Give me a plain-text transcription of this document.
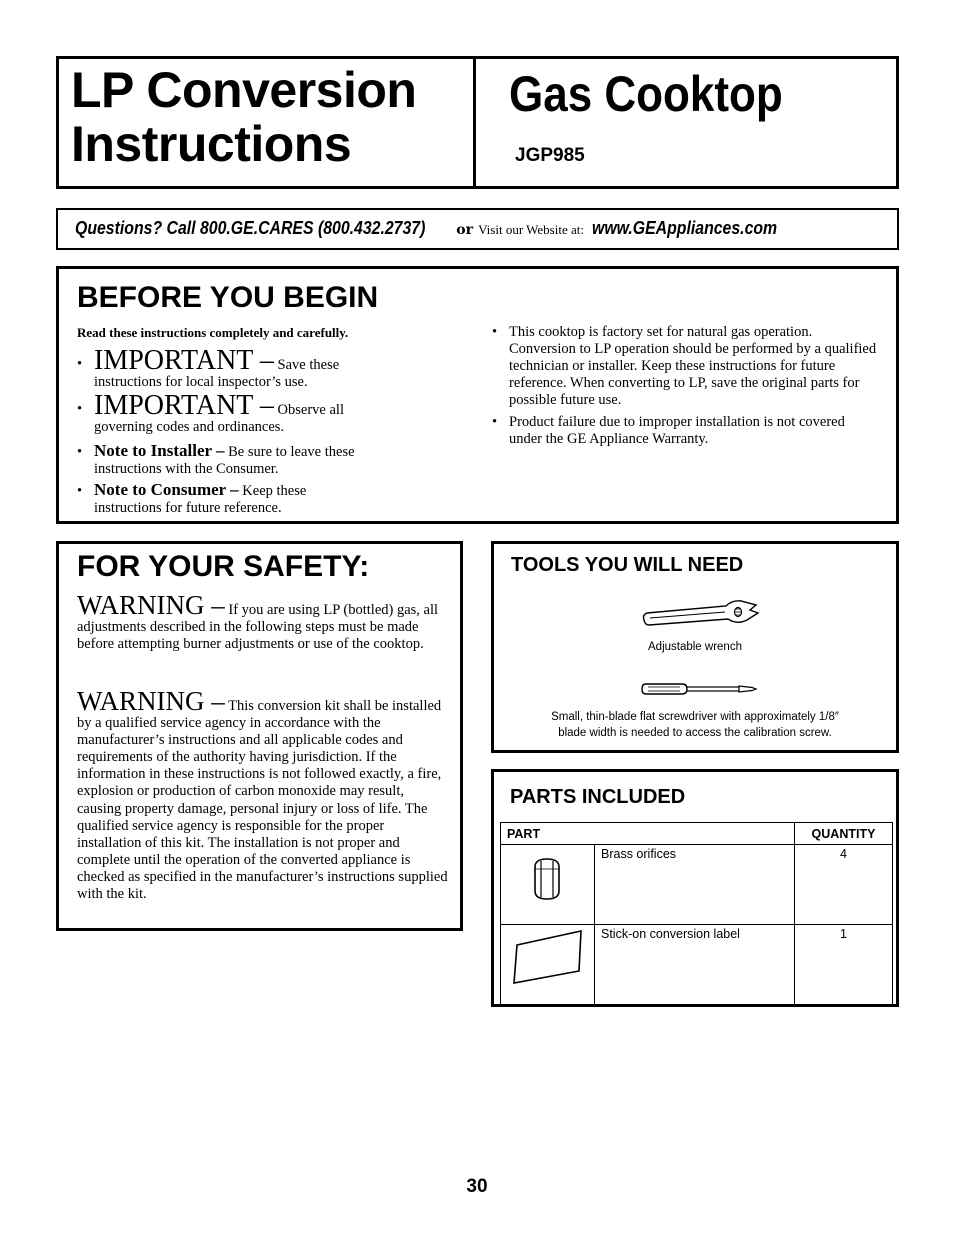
LP Conversion
Instructions
Gas Cooktop
JGP985
Questions? Call 800.GE.CARES (800.432.2737) or Visit our Website at: www.GEAppliances.com
BEFORE YOU BEGIN
Read these instructions completely and carefully.
• IMPORTANT – Save these
instructions for local inspector’s use.
• IMPORTANT – Observe all
governing codes and ordinances.
• Note to Installer – Be sure to leave these
instructions with the Consumer.
• Note to Consumer – Keep these
instructions for future reference.
• This cooktop is factory set for natural gas operation. Conversion to LP operation should be performed by a qualified technician or installer. Keep these instructions for future reference. When converting to LP, save the original parts for possible future use.
• Product failure due to improper installation is not covered under the GE Appliance Warranty.
FOR YOUR SAFETY:
WARNING – If you are using LP (bottled) gas, all adjustments described in the following steps must be made before attempting burner adjustments or use of the cooktop.
WARNING – This conversion kit shall be installed by a qualified service agency in accordance with the manufacturer’s instructions and all applicable codes and requirements of the authority having jurisdiction. If the information in these instructions is not followed exactly, a fire, explosion or production of carbon monoxide may result, causing property damage, personal injury or loss of life. The qualified service agency is responsible for the proper installation of this kit. The installation is not proper and complete until the operation of the converted appliance is checked as specified in the manufacturer’s instructions supplied with the kit.
TOOLS YOU WILL NEED
Adjustable wrench
Small, thin-blade flat screwdriver with approximately 1/8″
blade width is needed to access the calibration screw.
PARTS INCLUDED
PART		QUANTITY
	Brass orifices	4
	Stick-on conversion label	1
30
